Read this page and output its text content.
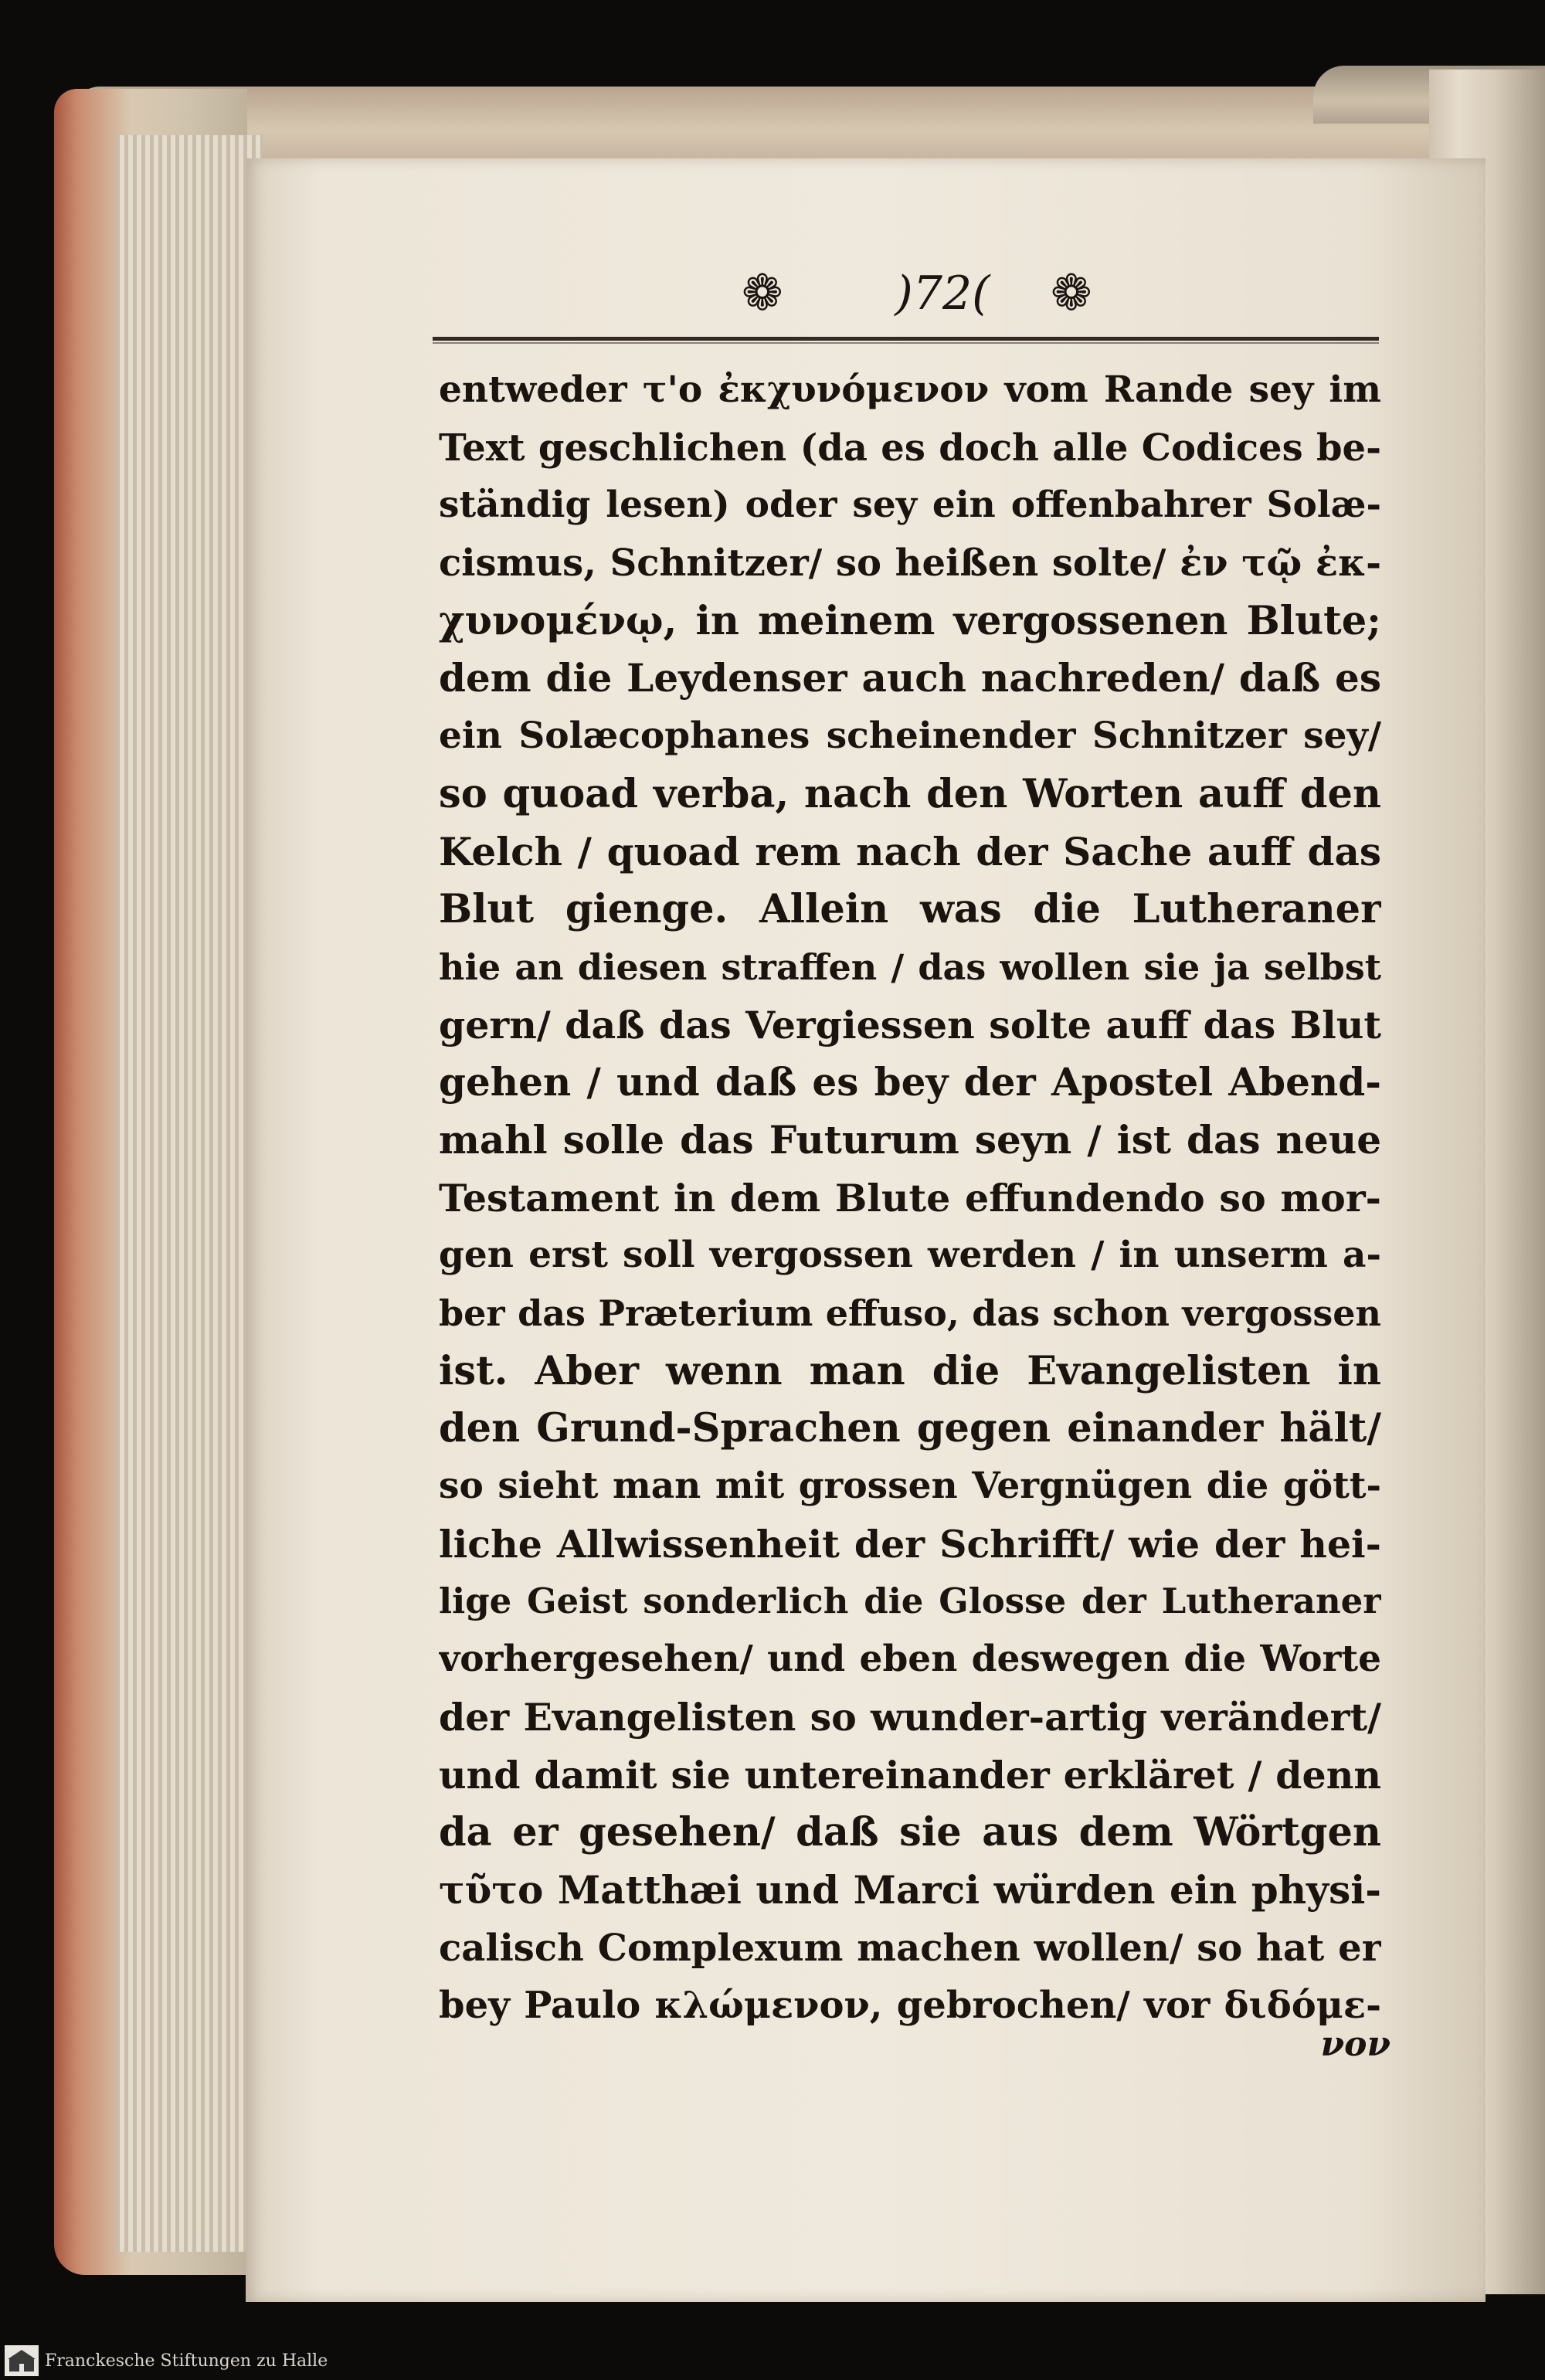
❁	)72(	❁
entweder τ'ο ἐκχυνόμενον vom Rande sey im
Text geschlichen (da es doch alle Codices be-
ständig lesen) oder sey ein offenbahrer Solæ-
cismus, Schnitzer/ so heißen solte/ ἐν τῷ ἐκ-
χυνομένῳ, in meinem vergossenen Blute;
dem die Leydenser auch nachreden/ daß es
ein Solæcophanes scheinender Schnitzer sey/
so quoad verba, nach den Worten auff den
Kelch / quoad rem nach der Sache auff das
Blut gienge. Allein was die Lutheraner
hie an diesen straffen / das wollen sie ja selbst
gern/ daß das Vergiessen solte auff das Blut
gehen / und daß es bey der Apostel Abend-
mahl solle das Futurum seyn / ist das neue
Testament in dem Blute effundendo so mor-
gen erst soll vergossen werden / in unserm a-
ber das Præterium effuso, das schon vergossen
ist. Aber wenn man die Evangelisten in
den Grund-Sprachen gegen einander hält/
so sieht man mit grossen Vergnügen die gött-
liche Allwissenheit der Schrifft/ wie der hei-
lige Geist sonderlich die Glosse der Lutheraner
vorhergesehen/ und eben deswegen die Worte
der Evangelisten so wunder-artig verändert/
und damit sie untereinander erkläret / denn
da er gesehen/ daß sie aus dem Wörtgen
τῦτο Matthæi und Marci würden ein physi-
calisch Complexum machen wollen/ so hat er
bey Paulo κλώμενον, gebrochen/ vor διδόμε-
νον
Franckesche Stiftungen zu Halle
